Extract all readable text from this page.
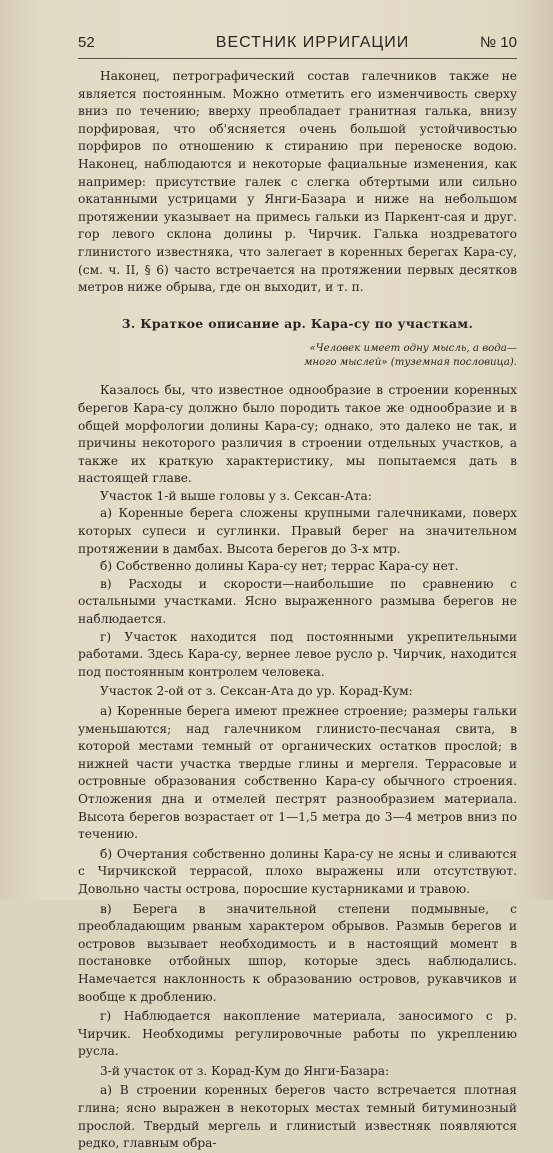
52	ВЕСТНИК ИРРИГАЦИИ	№ 10

Наконец, петрографический состав галечников также не является постоянным. Можно отметить его изменчивость сверху вниз по течению; вверху преобладает гранитная галька, внизу порфировая, что об'ясняется очень большой устойчивостью порфиров по отношению к стиранию при переноске водою. Наконец, наблюдаются и некоторые фациальные изменения, как например: присутствие галек с слегка обтертыми или сильно окатанными устрицами у Янги-Базара и ниже на небольшом протяжении указывает на примесь гальки из Паркент-сая и друг. гор левого склона долины р. Чирчик. Галька ноздреватого глинистого известняка, что залегает в коренных берегах Кара-су, (см. ч. II, § 6) часто встречается на протяжении первых десятков метров ниже обрыва, где он выходит, и т. п.

3. Краткое описание ар. Кара-су по участкам.
«Человек имеет одну мысль, а вода— много мыслей» (туземная пословица).

Казалось бы, что известное однообразие в строении коренных берегов Кара-су должно было породить такое же однообразие и в общей морфологии долины Кара-су; однако, это далеко не так, и причины некоторого различия в строении отдельных участков, а также их краткую характеристику, мы попытаемся дать в настоящей главе.

Участок 1-й выше головы у з. Сексан-Ата:

а) Коренные берега сложены крупными галечниками, поверх которых супеси и суглинки. Правый берег на значительном протяжении в дамбах. Высота берегов до 3-х мтр.

б) Собственно долины Кара-су нет; террас Кара-су нет.

в) Расходы и скорости—наибольшие по сравнению с остальными участками. Ясно выраженного размыва берегов не наблюдается.

г) Участок находится под постоянными укрепительными работами. Здесь Кара-су, вернее левое русло р. Чирчик, находится под постоянным контролем человека.

Участок 2-ой от з. Сексан-Ата до ур. Корад-Кум:

а) Коренные берега имеют прежнее строение; размеры гальки уменьшаются; над галечником глинисто-песчаная свита, в которой местами темный от органических остатков прослой; в нижней части участка твердые глины и мергеля. Террасовые и островные образования собственно Кара-су обычного строения. Отложения дна и отмелей пестрят разнообразием материала. Высота берегов возрастает от 1—1,5 метра до 3—4 метров вниз по течению.

б) Очертания собственно долины Кара-су не ясны и сливаются с Чирчикской террасой, плохо выражены или отсутствуют. Довольно часты острова, поросшие кустарниками и травою.

в) Берега в значительной степени подмывные, с преобладающим рваным характером обрывов. Размыв берегов и островов вызывает необходимость и в настоящий момент в постановке отбойных шпор, которые здесь наблюдались. Намечается наклонность к образованию островов, рукавчиков и вообще к дроблению.

г) Наблюдается накопление материала, заносимого с р. Чирчик. Необходимы регулировочные работы по укреплению русла.

3-й участок от з. Корад-Кум до Янги-Базара:

а) В строении коренных берегов часто встречается плотная глина; ясно выражен в некоторых местах темный битуминозный прослой. Твердый мергель и глинистый известняк появляются редко, главным обра-
